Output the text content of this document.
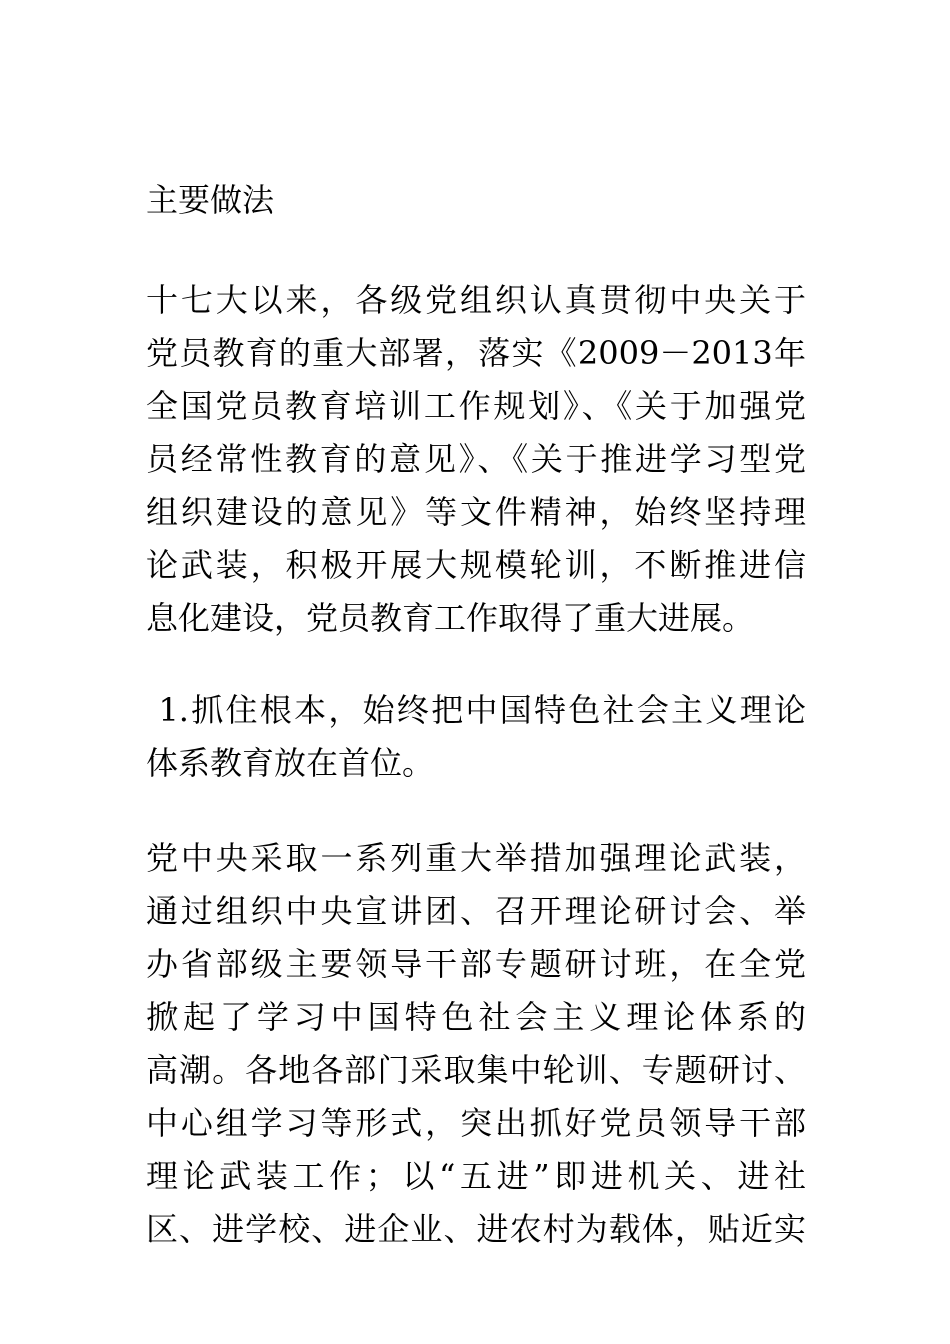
主要做法
十七大以来，各级党组织认真贯彻中央关于
党员教育的重大部署，落实《2009－2013年
全国党员教育培训工作规划》、《关于加强党
员经常性教育的意见》、《关于推进学习型党
组织建设的意见》等文件精神，始终坚持理
论武装，积极开展大规模轮训，不断推进信
息化建设，党员教育工作取得了重大进展。
1.抓住根本，始终把中国特色社会主义理论
体系教育放在首位。
党中央采取一系列重大举措加强理论武装，
通过组织中央宣讲团、召开理论研讨会、举
办省部级主要领导干部专题研讨班，在全党
掀起了学习中国特色社会主义理论体系的
高潮。各地各部门采取集中轮训、专题研讨、
中心组学习等形式，突出抓好党员领导干部
理论武装工作；以“五进”即进机关、进社
区、进学校、进企业、进农村为载体，贴近实
